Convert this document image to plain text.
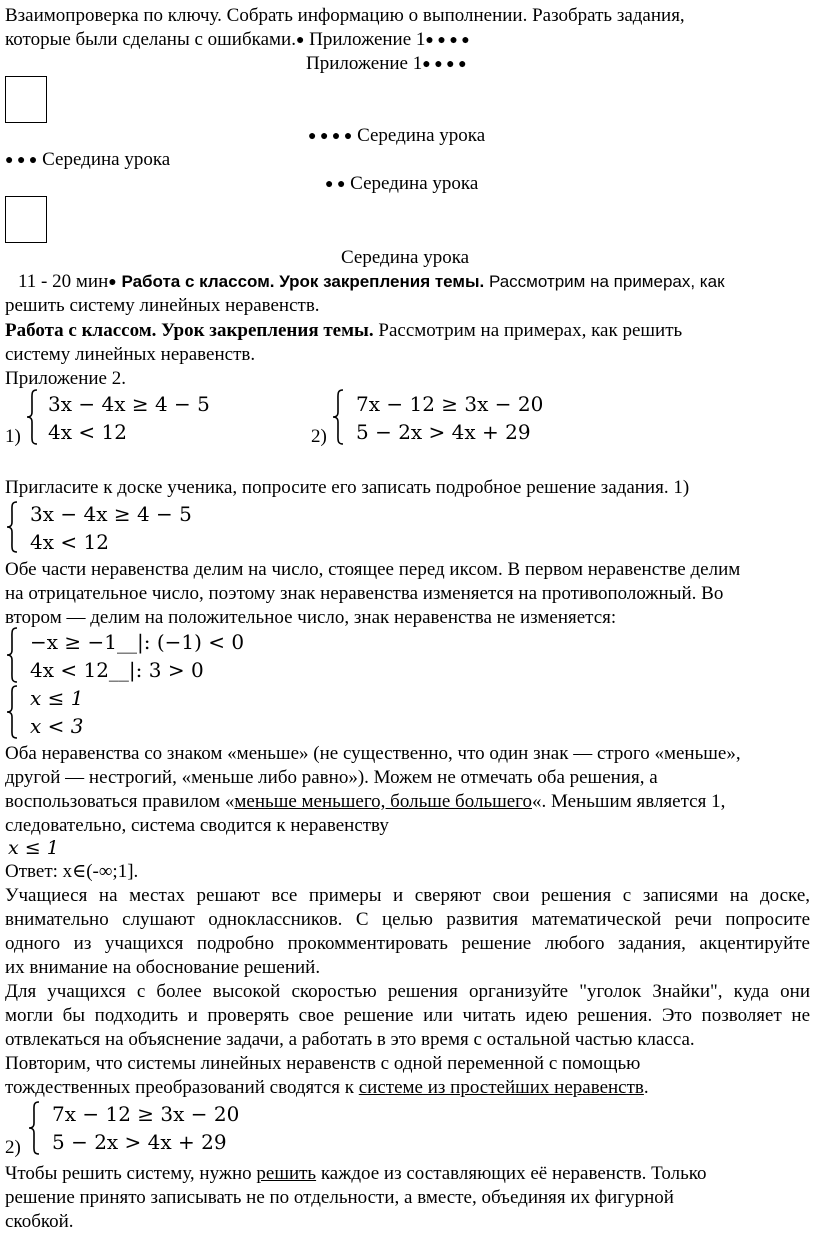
Взаимопроверка по ключу. Собрать информацию о выполнении. Разобрать задания,
которые были сделаны с ошибками.● Приложение 1● ● ● ●
Приложение 1● ● ● ●
● ● ● ● Середина урока
● ● ● Середина урока
● ● Середина урока
Середина урока
11 - 20 мин● Работа с классом. Урок закрепления темы. Рассмотрим на примерах, как
решить систему линейных неравенств.
Работа с классом. Урок закрепления темы. Рассмотрим на примерах, как решить
систему линейных неравенств.
Приложение 2.
1)
3x − 4x ≥ 4 − 5
4x < 12	2)
7x − 12 ≥ 3x − 20
5 − 2x > 4x + 29
Пригласите к доске ученика, попросите его записать подробное решение задания. 1)
3x − 4x ≥ 4 − 5
4x < 12
Обе части неравенства делим на число, стоящее перед иксом. В первом неравенстве делим
на отрицательное число, поэтому знак неравенства изменяется на противоположный. Во
втором — делим на положительное число, знак неравенства не изменяется:
−x ≥ −1__|: (−1) < 0
4x < 12__|: 3 > 0
x ≤ 1
x < 3
Оба неравенства со знаком «меньше» (не существенно, что один знак — строго «меньше»,
другой — нестрогий, «меньше либо равно»). Можем не отмечать оба решения, а
воспользоваться правилом «меньше меньшего, больше большего«. Меньшим является 1,
следовательно, система сводится к неравенству
x ≤ 1
Ответ: x∈(-∞;1].
Учащиеся на местах решают все примеры и сверяют свои решения с записями на доске,
внимательно слушают одноклассников. С целью развития математической речи попросите
одного из учащихся подробно прокомментировать решение любого задания, акцентируйте
их внимание на обоснование решений.
Для учащихся с более высокой скоростью решения организуйте "уголок Знайки", куда они
могли бы подходить и проверять свое решение или читать идею решения. Это позволяет не
отвлекаться на объяснение задачи, а работать в это время с остальной частью класса.
Повторим, что системы линейных неравенств с одной переменной с помощью
тождественных преобразований сводятся к системе из простейших неравенств.
2)
7x − 12 ≥ 3x − 20
5 − 2x > 4x + 29
Чтобы решить систему, нужно решить каждое из составляющих её неравенств. Только
решение принято записывать не по отдельности, а вместе, объединяя их фигурной
скобкой.
